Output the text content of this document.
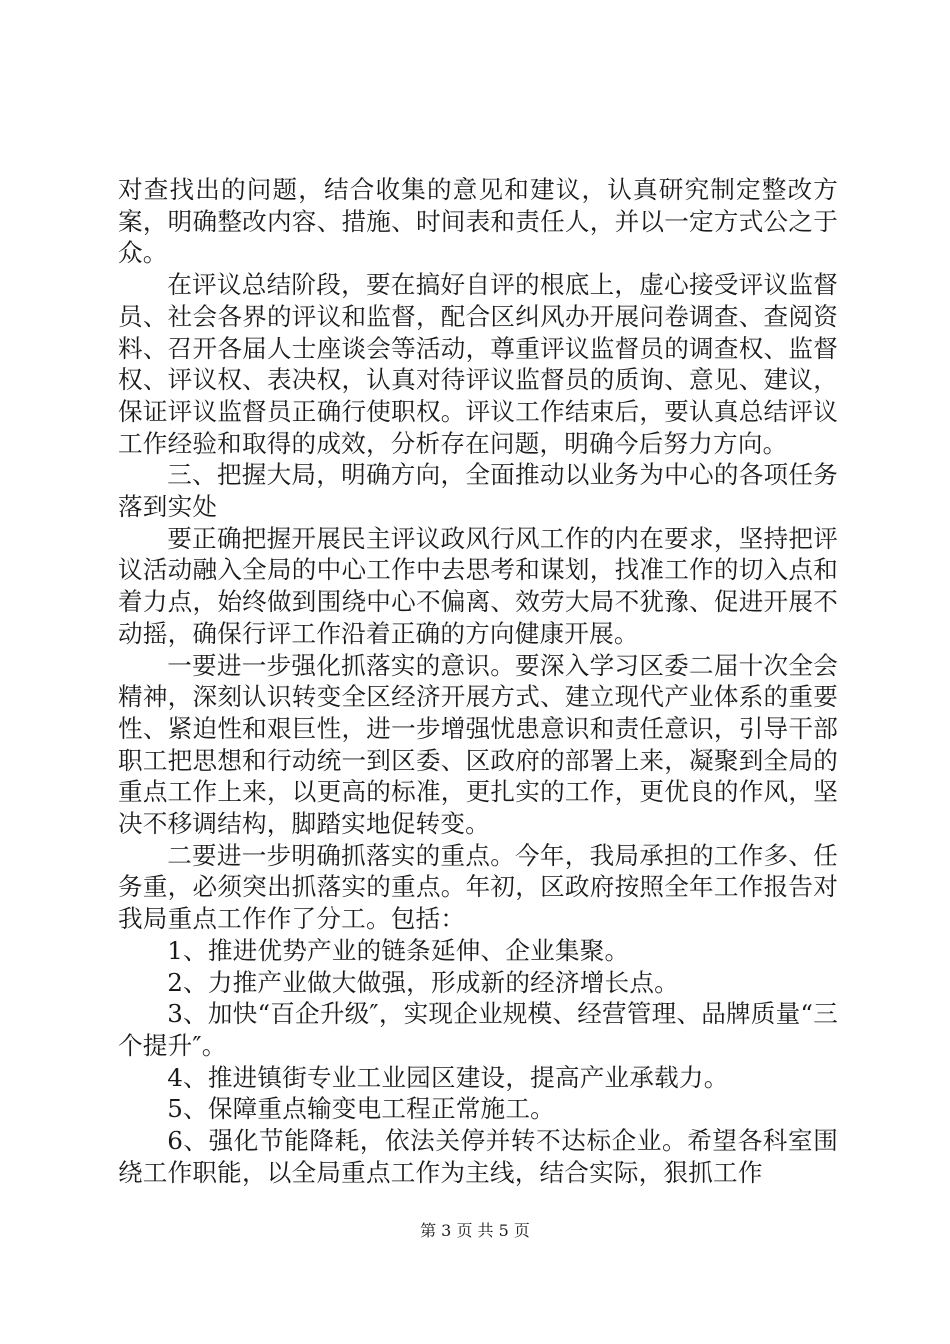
对查找出的问题，结合收集的意见和建议，认真研究制定整改方案，明确整改内容、措施、时间表和责任人，并以一定方式公之于众。

在评议总结阶段，要在搞好自评的根底上，虚心接受评议监督员、社会各界的评议和监督，配合区纠风办开展问卷调查、查阅资料、召开各届人士座谈会等活动，尊重评议监督员的调查权、监督权、评议权、表决权，认真对待评议监督员的质询、意见、建议，保证评议监督员正确行使职权。评议工作结束后，要认真总结评议工作经验和取得的成效，分析存在问题，明确今后努力方向。

三、把握大局，明确方向，全面推动以业务为中心的各项任务落到实处

要正确把握开展民主评议政风行风工作的内在要求，坚持把评议活动融入全局的中心工作中去思考和谋划，找准工作的切入点和着力点，始终做到围绕中心不偏离、效劳大局不犹豫、促进开展不动摇，确保行评工作沿着正确的方向健康开展。

一要进一步强化抓落实的意识。要深入学习区委二届十次全会精神，深刻认识转变全区经济开展方式、建立现代产业体系的重要性、紧迫性和艰巨性，进一步增强忧患意识和责任意识，引导干部职工把思想和行动统一到区委、区政府的部署上来，凝聚到全局的重点工作上来，以更高的标准，更扎实的工作，更优良的作风，坚决不移调结构，脚踏实地促转变。

二要进一步明确抓落实的重点。今年，我局承担的工作多、任务重，必须突出抓落实的重点。年初，区政府按照全年工作报告对我局重点工作作了分工。包括：

1、推进优势产业的链条延伸、企业集聚。

2、力推产业做大做强，形成新的经济增长点。

3、加快“百企升级″，实现企业规模、经营管理、品牌质量“三个提升″。

4、推进镇街专业工业园区建设，提高产业承载力。

5、保障重点输变电工程正常施工。

6、强化节能降耗，依法关停并转不达标企业。希望各科室围绕工作职能，以全局重点工作为主线，结合实际，狠抓工作

第 3 页 共 5 页
